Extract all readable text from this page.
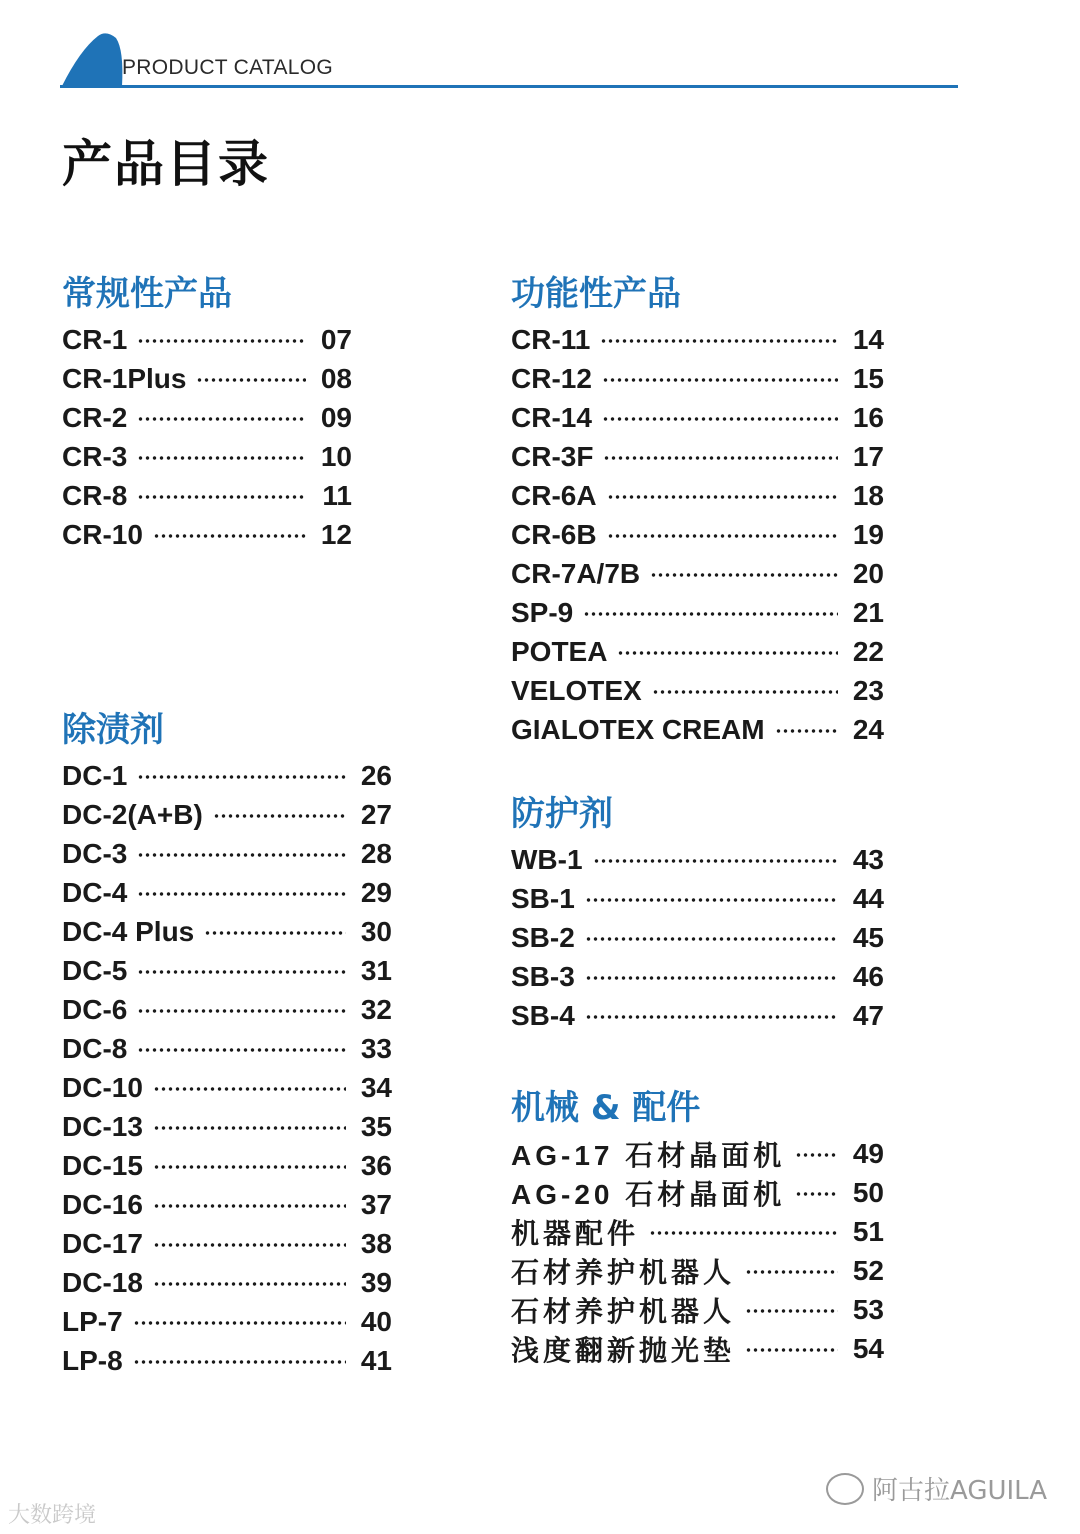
PRODUCT CATALOG
产品目录
常规性产品
CR-1	07
CR-1Plus	08
CR-2	09
CR-3	10
CR-8	11
CR-10	12
除渍剂
DC-1	26
DC-2(A+B)	27
DC-3	28
DC-4	29
DC-4 Plus	30
DC-5	31
DC-6	32
DC-8	33
DC-10	34
DC-13	35
DC-15	36
DC-16	37
DC-17	38
DC-18	39
LP-7	40
LP-8	41
功能性产品
CR-11	14
CR-12	15
CR-14	16
CR-3F	17
CR-6A	18
CR-6B	19
CR-7A/7B	20
SP-9	21
POTEA	22
VELOTEX	23
GIALOTEX CREAM	24
防护剂
WB-1	43
SB-1	44
SB-2	45
SB-3	46
SB-4	47
机械 & 配件
AG-17 石材晶面机 49
AG-20 石材晶面机 50
机器配件	51
石材养护机器人	52
石材养护机器人	53
浅度翻新抛光垫	54
大数跨境
阿古拉AGUILA
